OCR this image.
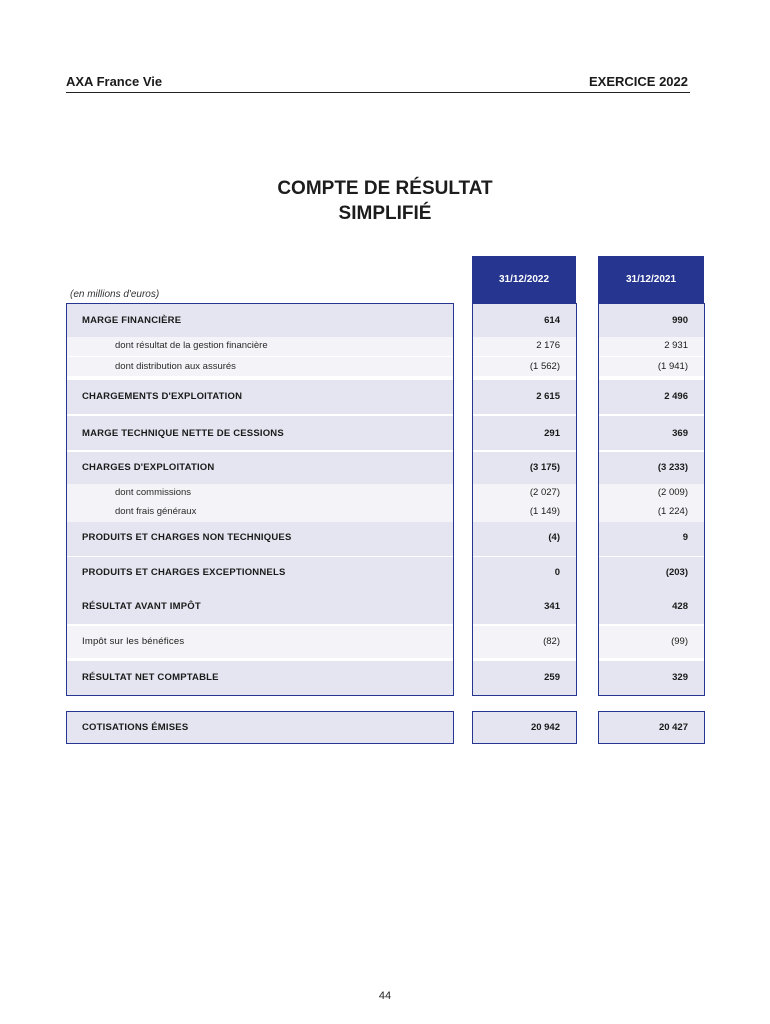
AXA France Vie	EXERCICE 2022
COMPTE DE RÉSULTAT
SIMPLIFIÉ
(en millions d'euros)
31/12/2022	31/12/2021
MARGE FINANCIÈRE	614	990
dont résultat de la gestion financière	2 176	2 931
dont distribution aux assurés	(1 562)	(1 941)
CHARGEMENTS D'EXPLOITATION	2 615	2 496
MARGE TECHNIQUE NETTE DE CESSIONS	291	369
CHARGES D'EXPLOITATION	(3 175)	(3 233)
dont commissions	(2 027)	(2 009)
dont frais généraux	(1 149)	(1 224)
PRODUITS ET CHARGES NON TECHNIQUES	(4)	9
PRODUITS ET CHARGES EXCEPTIONNELS	0	(203)
RÉSULTAT AVANT IMPÔT	341	428
Impôt sur les bénéfices	(82)	(99)
RÉSULTAT NET COMPTABLE	259	329
COTISATIONS ÉMISES	20 942	20 427
44
